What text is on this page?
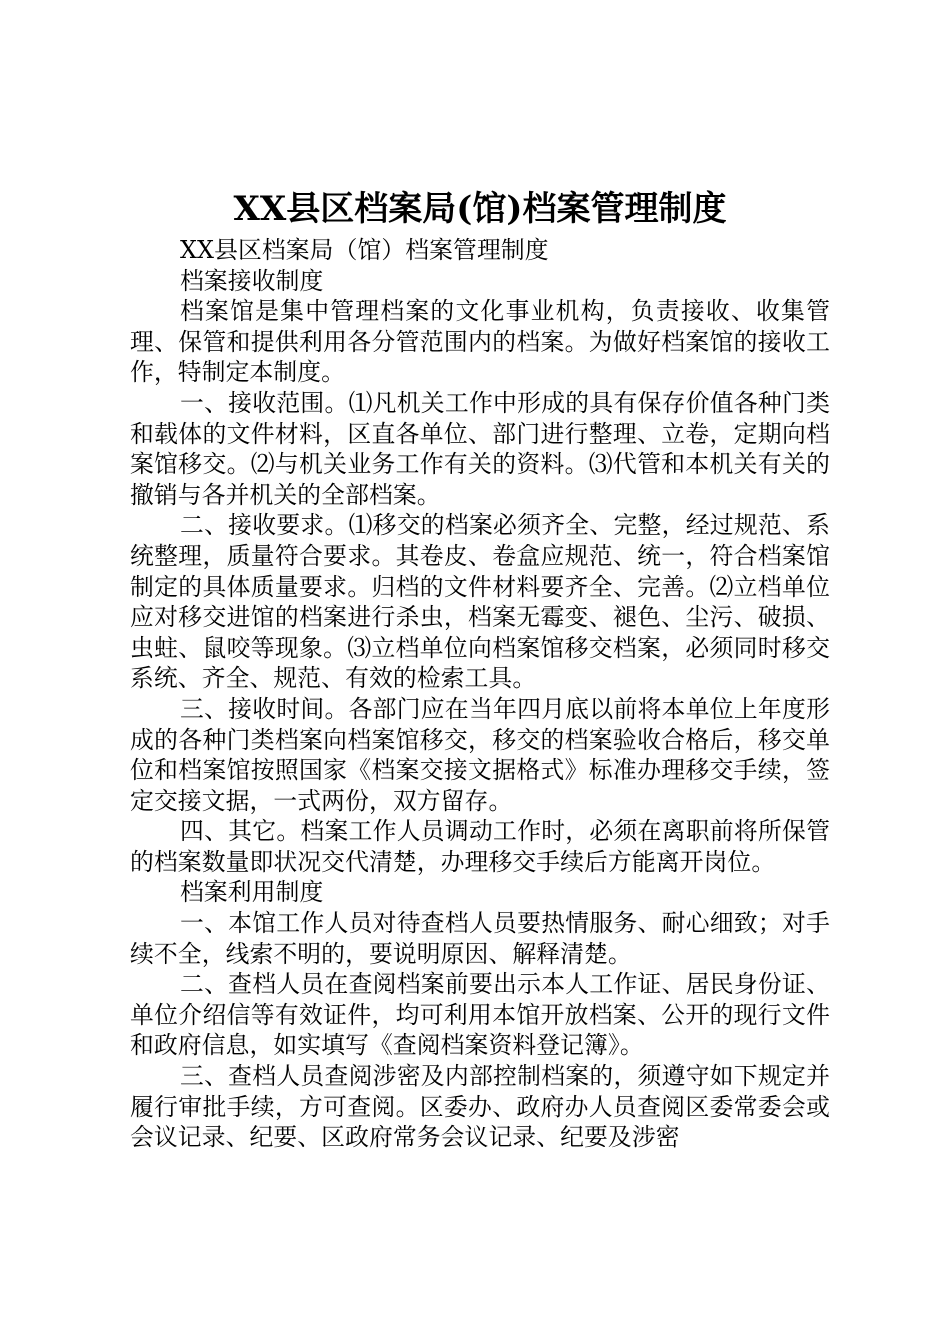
XX县区档案局(馆)档案管理制度

XX县区档案局（馆）档案管理制度

档案接收制度

档案馆是集中管理档案的文化事业机构，负责接收、收集管理、保管和提供利用各分管范围内的档案。为做好档案馆的接收工作，特制定本制度。

一、接收范围。⑴凡机关工作中形成的具有保存价值各种门类和载体的文件材料，区直各单位、部门进行整理、立卷，定期向档案馆移交。⑵与机关业务工作有关的资料。⑶代管和本机关有关的撤销与各并机关的全部档案。

二、接收要求。⑴移交的档案必须齐全、完整，经过规范、系统整理，质量符合要求。其卷皮、卷盒应规范、统一，符合档案馆制定的具体质量要求。归档的文件材料要齐全、完善。⑵立档单位应对移交进馆的档案进行杀虫，档案无霉变、褪色、尘污、破损、虫蛀、鼠咬等现象。⑶立档单位向档案馆移交档案，必须同时移交系统、齐全、规范、有效的检索工具。

三、接收时间。各部门应在当年四月底以前将本单位上年度形成的各种门类档案向档案馆移交，移交的档案验收合格后，移交单位和档案馆按照国家《档案交接文据格式》标准办理移交手续，签定交接文据，一式两份，双方留存。

四、其它。档案工作人员调动工作时，必须在离职前将所保管的档案数量即状况交代清楚，办理移交手续后方能离开岗位。

档案利用制度

一、本馆工作人员对待查档人员要热情服务、耐心细致；对手续不全，线索不明的，要说明原因、解释清楚。

二、查档人员在查阅档案前要出示本人工作证、居民身份证、单位介绍信等有效证件，均可利用本馆开放档案、公开的现行文件和政府信息，如实填写《查阅档案资料登记簿》。

三、查档人员查阅涉密及内部控制档案的，须遵守如下规定并履行审批手续，方可查阅。区委办、政府办人员查阅区委常委会或会议记录、纪要、区政府常务会议记录、纪要及涉密
